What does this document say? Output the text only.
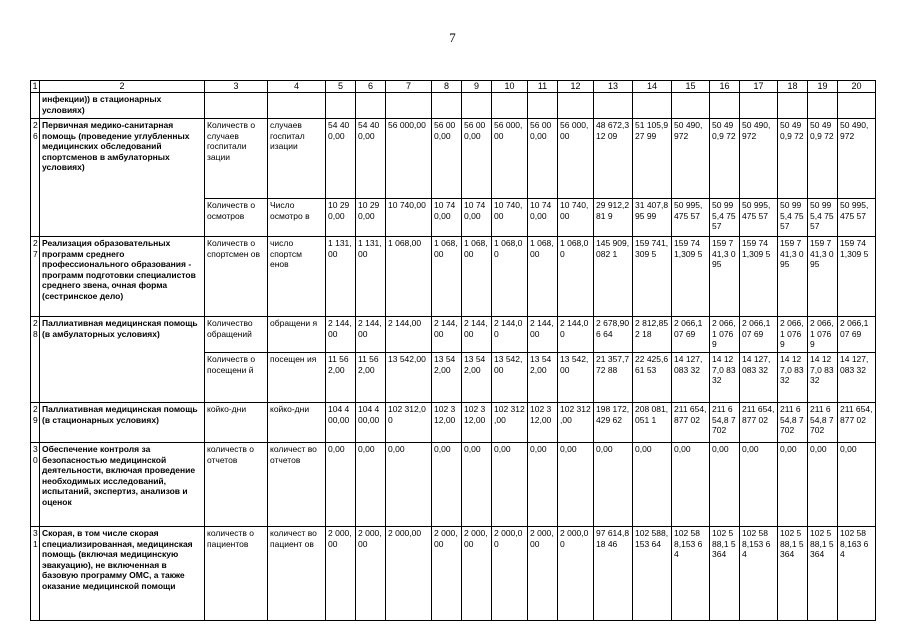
7
1	2	3	4	5	6	7	8	9	10	11	12	13	14	15	16	17	18	19	20
	инфекции)) в стационарных условиях)																		
26	Первичная медико-санитарная помощь (проведение углубленных медицинских обследований спортсменов в амбулаторных условиях)	Количеств о случаев госпитали зации	случаев госпитал изации	54 40 0,00	54 40 0,00	56 000,00	56 00 0,00	56 00 0,00	56 000, 00	56 00 0,00	56 000, 00	48 672,312 09	51 105,927 99	50 490,972	50 490,9 72	50 490,972	50 490,9 72	50 490,9 72	50 490,972
		Количеств о осмотров	Число осмотро в	10 29 0,00	10 29 0,00	10 740,00	10 74 0,00	10 74 0,00	10 740, 00	10 74 0,00	10 740, 00	29 912,281 9	31 407,895 99	50 995,475 57	50 995,4 7557	50 995,475 57	50 995,4 7557	50 995,4 7557	50 995,475 57
27	Реализация образовательных программ среднего профессионального образования - программ подготовки специалистов среднего звена, очная форма (сестринское дело)	Количеств о спортсмен ов	число спортсм енов	1 131, 00	1 131, 00	1 068,00	1 068, 00	1 068, 00	1 068,0 0	1 068, 00	1 068,0 0	145 909,082 1	159 741,309 5	159 741,309 5	159 741,3 095	159 741,309 5	159 741,3 095	159 741,3 095	159 741,309 5
28	Паллиативная медицинская помощь (в амбулаторных условиях)	Количество обращений	обращени я	2 144, 00	2 144, 00	2 144,00	2 144, 00	2 144, 00	2 144,0 0	2 144, 00	2 144,0 0	2 678,906 64	2 812,852 18	2 066,107 69	2 066,1 0769	2 066,107 69	2 066,1 0769	2 066,1 0769	2 066,107 69
		Количеств о посещени й	посещен ия	11 56 2,00	11 56 2,00	13 542,00	13 54 2,00	13 54 2,00	13 542, 00	13 54 2,00	13 542, 00	21 357,772 88	22 425,661 53	14 127,083 32	14 127,0 8332	14 127,083 32	14 127,0 8332	14 127,0 8332	14 127,083 32
29	Паллиативная медицинская помощь (в стационарных условиях)	койко-дни	койко-дни	104 4 00,00	104 4 00,00	102 312,0 0	102 3 12,00	102 3 12,00	102 312 ,00	102 3 12,00	102 312 ,00	198 172,429 62	208 081,051 1	211 654,877 02	211 654,8 7702	211 654,877 02	211 654,8 7702	211 654,8 7702	211 654,877 02
30	Обеспечение контроля за безопасностью медицинской деятельности, включая проведение необходимых исследований, испытаний, экспертиз, анализов и оценок	количеств о отчетов	количест во отчетов	0,00	0,00	0,00	0,00	0,00	0,00	0,00	0,00	0,00	0,00	0,00	0,00	0,00	0,00	0,00	0,00
31	Скорая, в том числе скорая специализированная, медицинская помощь (включая медицинскую эвакуацию), не включенная в базовую программу ОМС, а также оказание медицинской помощи	количеств о пациентов	количест во пациент ов	2 000, 00	2 000, 00	2 000,00	2 000, 00	2 000, 00	2 000,0 0	2 000, 00	2 000,0 0	97 614,818 46	102 588,153 64	102 588,153 64	102 588,1 5364	102 588,153 64	102 588,1 5364	102 588,1 5364	102 588,163 64
